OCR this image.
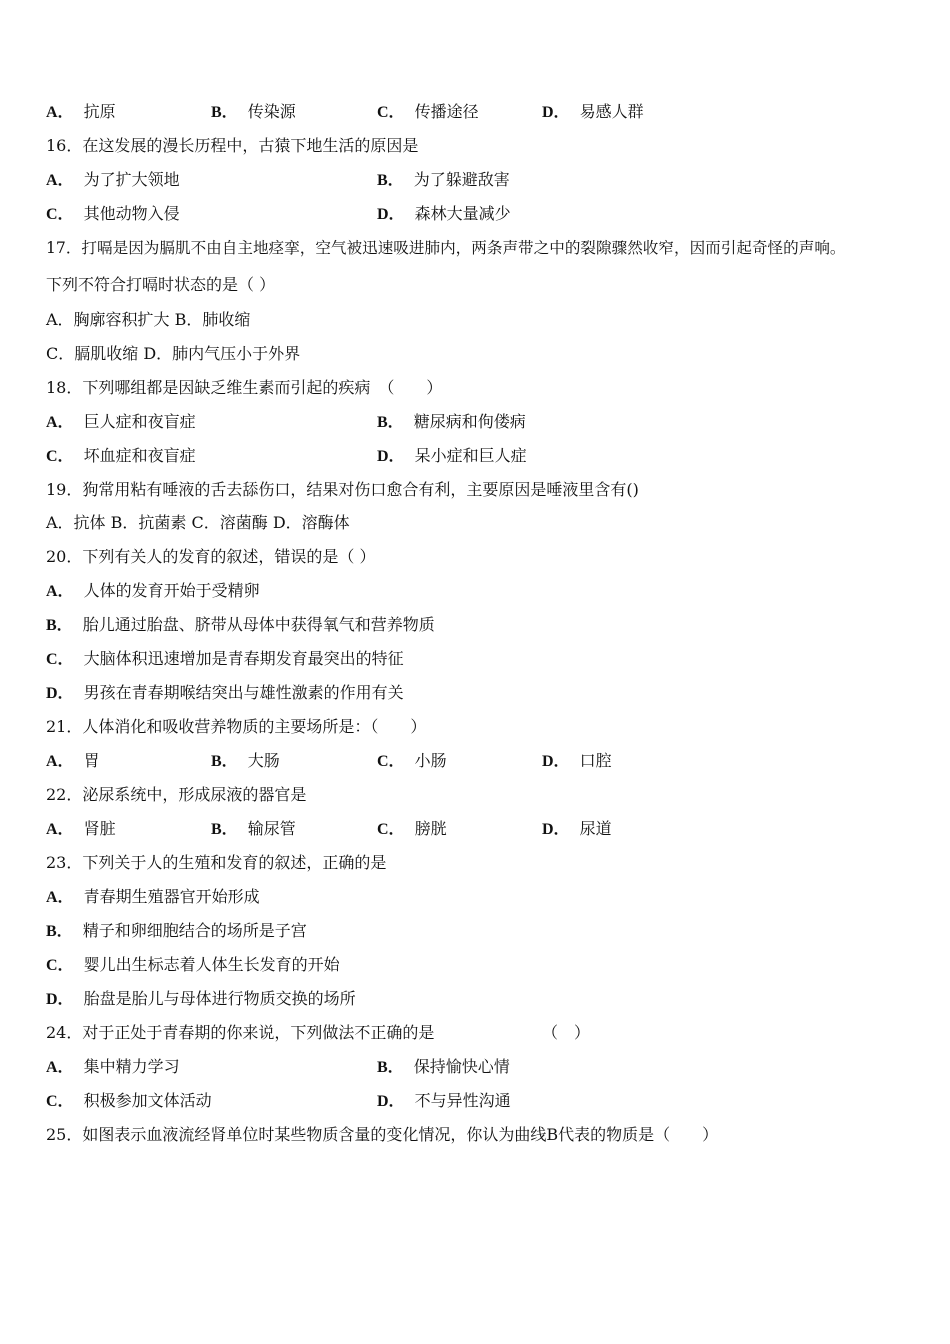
A． 抗原	B． 传染源	C． 传播途径	D． 易感人群
16．在这发展的漫长历程中，古猿下地生活的原因是
A． 为了扩大领地	B． 为了躲避敌害
C． 其他动物入侵	D． 森林大量减少
17．打嗝是因为膈肌不由自主地痉挛，空气被迅速吸进肺内，两条声带之中的裂隙骤然收窄，因而引起奇怪的声响。
下列不符合打嗝时状态的是（ ）
A．胸廓容积扩大 B．肺收缩
C．膈肌收缩 D．肺内气压小于外界
18．下列哪组都是因缺乏维生素而引起的疾病　（　　）
A． 巨人症和夜盲症	B． 糖尿病和佝偻病
C． 坏血症和夜盲症	D． 呆小症和巨人症
19．狗常用粘有唾液的舌去舔伤口，结果对伤口愈合有利，主要原因是唾液里含有()
A．抗体 B．抗菌素 C．溶菌酶 D．溶酶体
20．下列有关人的发育的叙述，错误的是（ ）
A． 人体的发育开始于受精卵
B． 胎儿通过胎盘、脐带从母体中获得氧气和营养物质
C． 大脑体积迅速增加是青春期发育最突出的特征
D． 男孩在青春期喉结突出与雄性激素的作用有关
21．人体消化和吸收营养物质的主要场所是：（　　）
A． 胃	B． 大肠	C． 小肠	D． 口腔
22．泌尿系统中，形成尿液的器官是
A． 肾脏	B． 输尿管	C． 膀胱	D． 尿道
23．下列关于人的生殖和发育的叙述，正确的是
A． 青春期生殖器官开始形成
B． 精子和卵细胞结合的场所是子宫
C． 婴儿出生标志着人体生长发育的开始
D． 胎盘是胎儿与母体进行物质交换的场所
24．对于正处于青春期的你来说，下列做法不正确的是	（　）
A． 集中精力学习	B． 保持愉快心情
C． 积极参加文体活动	D． 不与异性沟通
25．如图表示血液流经肾单位时某些物质含量的变化情况，你认为曲线B代表的物质是（　　）
